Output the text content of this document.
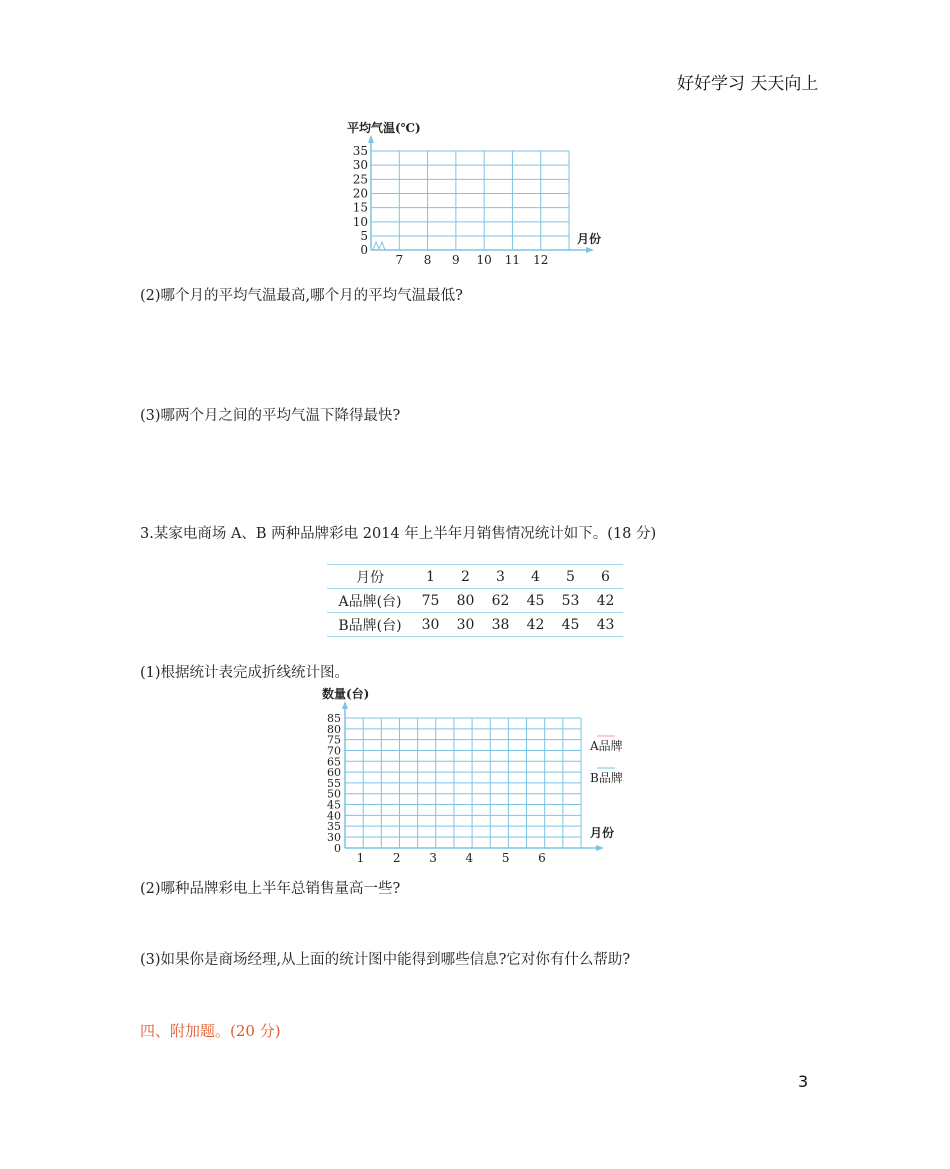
好好学习 天天向上
平均气温(℃)
35
30
25
20
15
10
5
0
7 8 9 10 11 12
月份
(2)哪个月的平均气温最高,哪个月的平均气温最低?
(3)哪两个月之间的平均气温下降得最快?
3.某家电商场 A、B 两种品牌彩电 2014 年上半年月销售情况统计如下。(18 分)
月份	1	2	3	4	5	6
A品牌(台)	75	80	62	45	53	42
B品牌(台)	30	30	38	42	45	43
(1)根据统计表完成折线统计图。
数量(台)
85
80
75
70
65
60
55
50
45
40
35
30
0
1 2 3 4 5 6
A品牌
B品牌
月份
(2)哪种品牌彩电上半年总销售量高一些?
(3)如果你是商场经理,从上面的统计图中能得到哪些信息?它对你有什么帮助?
四、附加题。(20 分)
3
